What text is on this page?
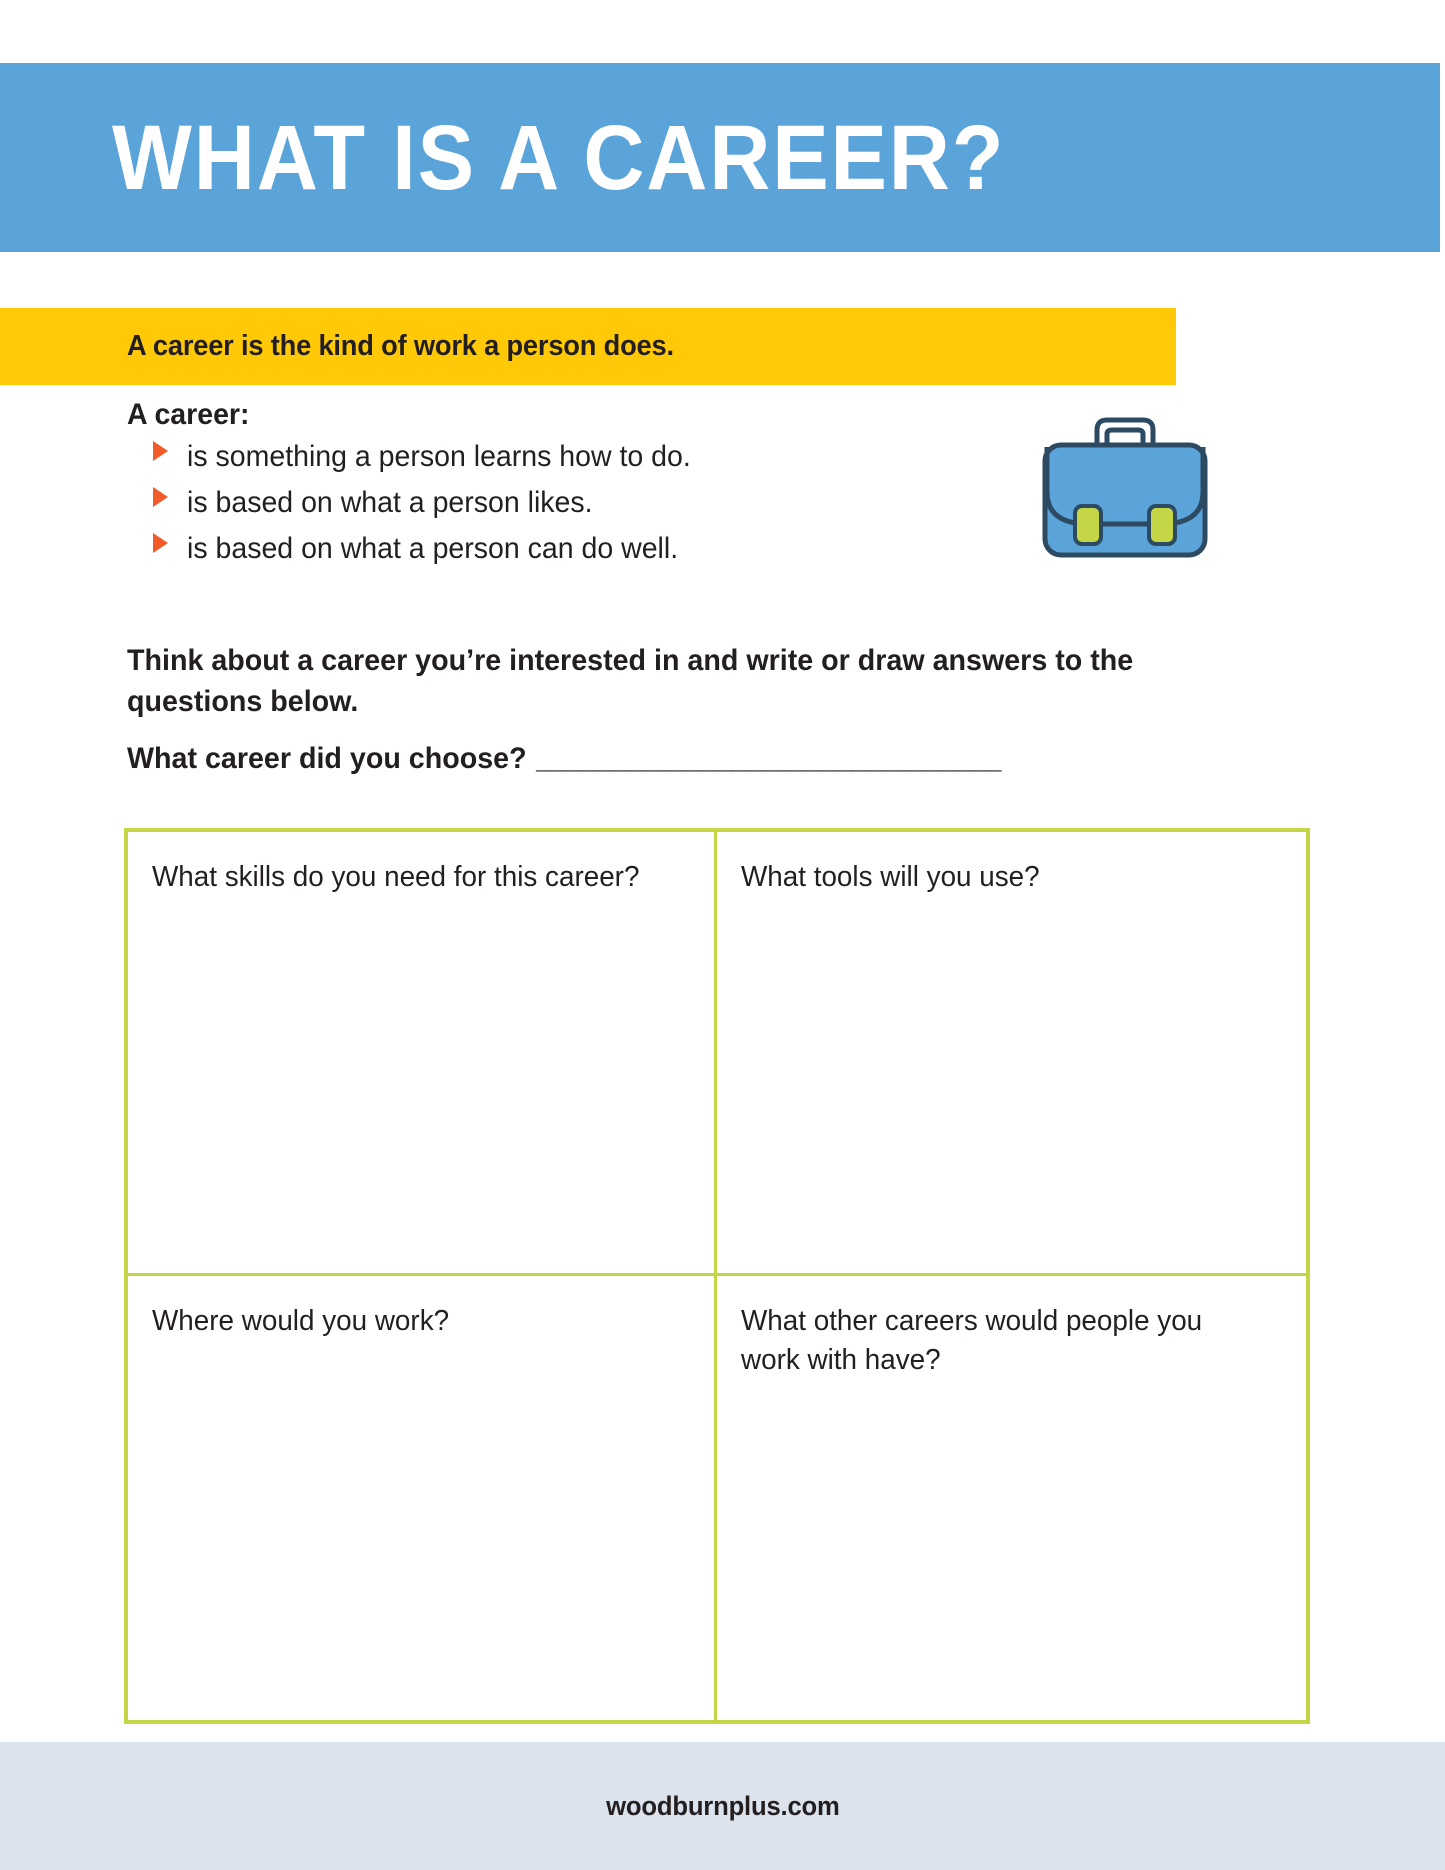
WHAT IS A CAREER?
A career is the kind of work a person does.
A career:
is something a person learns how to do.
is based on what a person likes.
is based on what a person can do well.
Think about a career you’re interested in and write or draw answers to the questions below.
What career did you choose? _______________________________
What skills do you need for this career?	What tools will you use?
Where would you work?	What other careers would people you work with have?
woodburnplus.com
